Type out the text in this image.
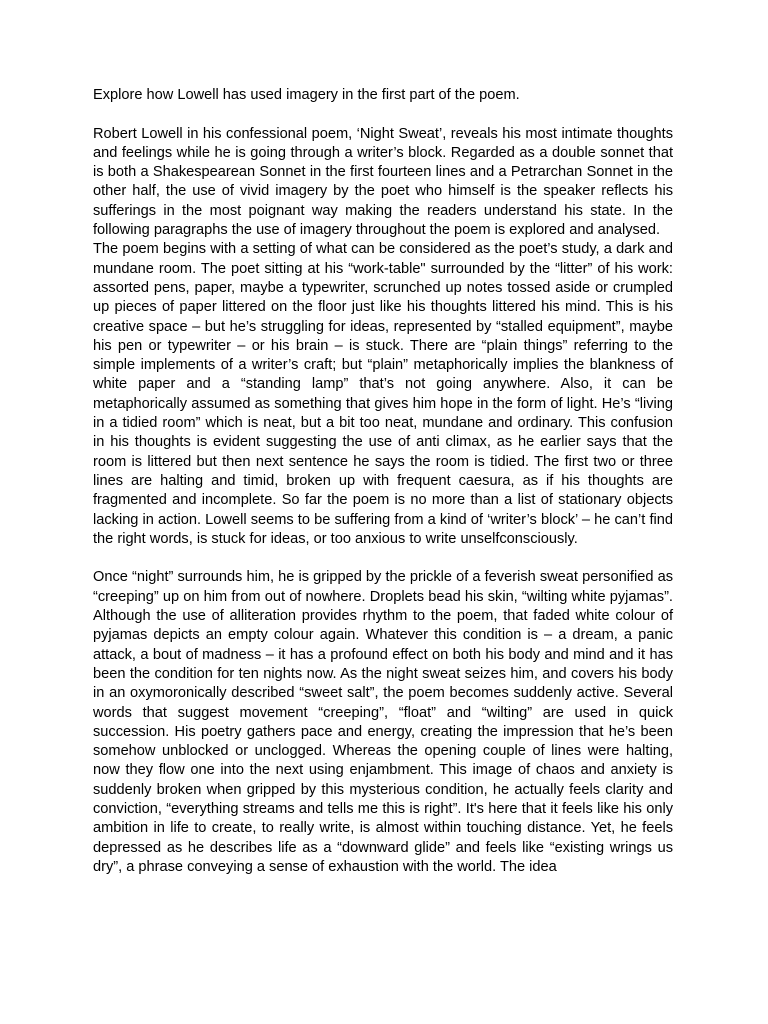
Explore how Lowell has used imagery in the first part of the poem.

Robert Lowell in his confessional poem, ‘Night Sweat’, reveals his most intimate thoughts and feelings while he is going through a writer’s block. Regarded as a double sonnet that is both a Shakespearean Sonnet in the first fourteen lines and a Petrarchan Sonnet in the other half, the use of vivid imagery by the poet who himself is the speaker reflects his sufferings in the most poignant way making the readers understand his state. In the following paragraphs the use of imagery throughout the poem is explored and analysed.

The poem begins with a setting of what can be considered as the poet’s study, a dark and mundane room. The poet sitting at his “work-table" surrounded by the “litter” of his work: assorted pens, paper, maybe a typewriter, scrunched up notes tossed aside or crumpled up pieces of paper littered on the floor just like his thoughts littered his mind. This is his creative space – but he’s struggling for ideas, represented by “stalled equipment”, maybe his pen or typewriter – or his brain – is stuck. There are “plain things” referring to the simple implements of a writer’s craft; but “plain” metaphorically implies the blankness of white paper and a “standing lamp” that’s not going anywhere. Also, it can be metaphorically assumed as something that gives him hope in the form of light. He’s “living in a tidied room” which is neat, but a bit too neat, mundane and ordinary. This confusion in his thoughts is evident suggesting the use of anti climax, as he earlier says that the room is littered but then next sentence he says the room is tidied. The first two or three lines are halting and timid, broken up with frequent caesura, as if his thoughts are fragmented and incomplete. So far the poem is no more than a list of stationary objects lacking in action. Lowell seems to be suffering from a kind of ‘writer’s block’ – he can’t find the right words, is stuck for ideas, or too anxious to write unselfconsciously.

Once “night” surrounds him, he is gripped by the prickle of a feverish sweat personified as “creeping” up on him from out of nowhere. Droplets bead his skin, “wilting white pyjamas”. Although the use of alliteration provides rhythm to the poem, that faded white colour of pyjamas depicts an empty colour again. Whatever this condition is – a dream, a panic attack, a bout of madness – it has a profound effect on both his body and mind and it has been the condition for ten nights now. As the night sweat seizes him, and covers his body in an oxymoronically described “sweet salt”, the poem becomes suddenly active. Several words that suggest movement “creeping”, “float” and “wilting” are used in quick succession. His poetry gathers pace and energy, creating the impression that he’s been somehow unblocked or unclogged. Whereas the opening couple of lines were halting, now they flow one into the next using enjambment. This image of chaos and anxiety is suddenly broken when gripped by this mysterious condition, he actually feels clarity and conviction, “everything streams and tells me this is right”. It's here that it feels like his only ambition in life to create, to really write, is almost within touching distance. Yet, he feels depressed as he describes life as a “downward glide” and feels like “existing wrings us dry”, a phrase conveying a sense of exhaustion with the world. The idea
